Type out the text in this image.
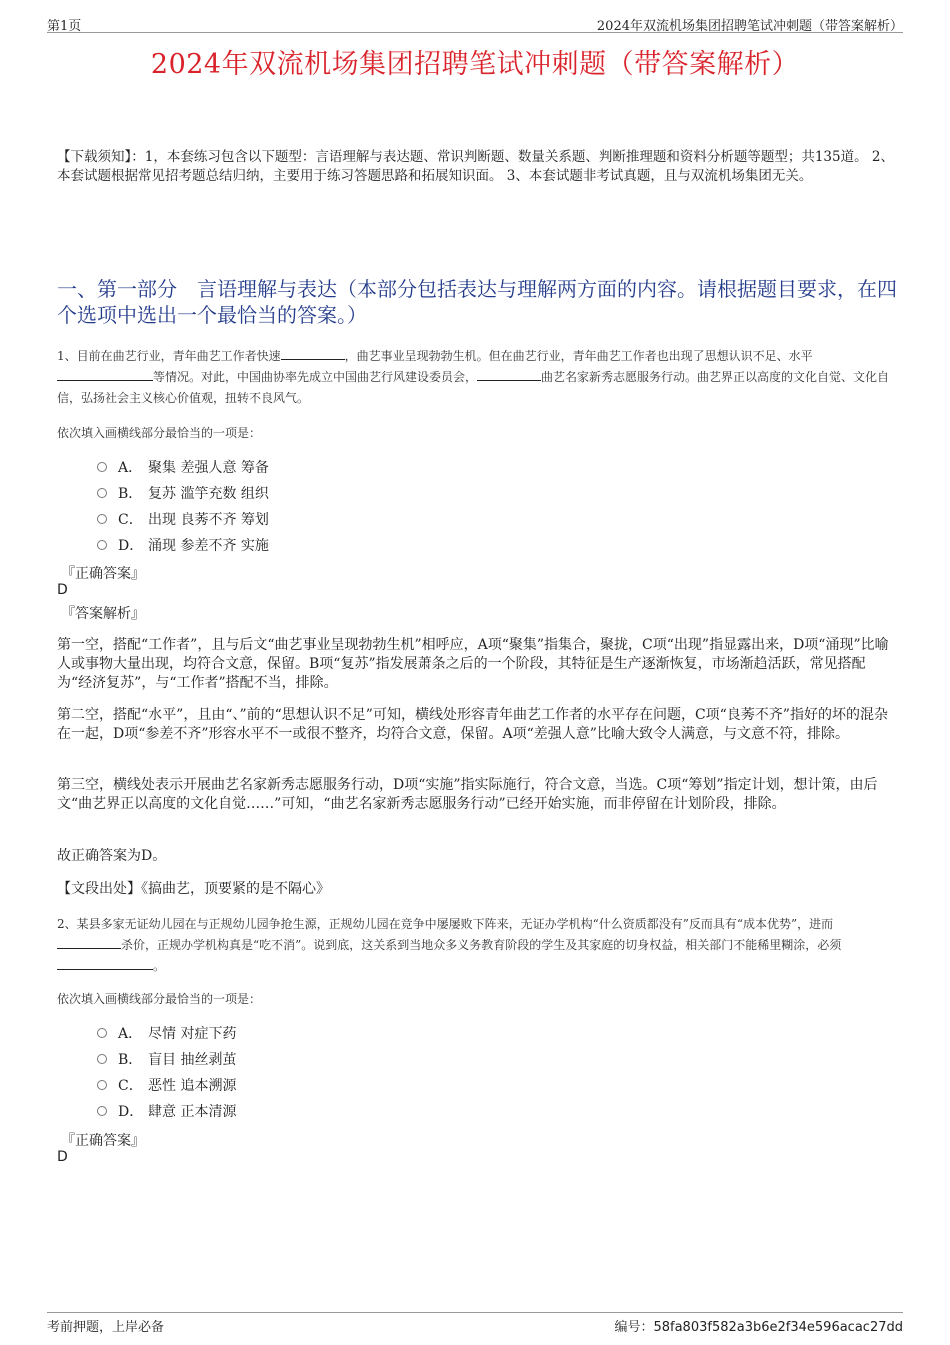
第1页	2024年双流机场集团招聘笔试冲刺题（带答案解析）
2024年双流机场集团招聘笔试冲刺题（带答案解析）
【下载须知】：1，本套练习包含以下题型：言语理解与表达题、常识判断题、数量关系题、判断推理题和资料分析题等题型；共135道。 2、本套试题根据常见招考题总结归纳，主要用于练习答题思路和拓展知识面。 3、本套试题非考试真题，且与双流机场集团无关。
一、第一部分　言语理解与表达（本部分包括表达与理解两方面的内容。请根据题目要求，在四个选项中选出一个最恰当的答案。）
1、目前在曲艺行业，青年曲艺工作者快速	，曲艺事业呈现勃勃生机。但在曲艺行业，青年曲艺工作者也出现了思想认识不足、水平等情况。对此，中国曲协率先成立中国曲艺行风建设委员会，	曲艺名家新秀志愿服务行动。曲艺界正以高度的文化自觉、文化自信，弘扬社会主义核心价值观，扭转不良风气。
依次填入画横线部分最恰当的一项是：
A． 聚集 差强人意 筹备
B． 复苏 滥竽充数 组织
C． 出现 良莠不齐 筹划
D． 涌现 参差不齐 实施
『正确答案』
D
『答案解析』
第一空，搭配“工作者”，且与后文“曲艺事业呈现勃勃生机”相呼应，A项“聚集”指集合，聚拢，C项“出现”指显露出来，D项“涌现”比喻人或事物大量出现，均符合文意，保留。B项“复苏”指发展萧条之后的一个阶段，其特征是生产逐渐恢复，市场渐趋活跃，常见搭配为“经济复苏”，与“工作者”搭配不当，排除。
第二空，搭配“水平”，且由“、”前的“思想认识不足”可知，横线处形容青年曲艺工作者的水平存在问题，C项“良莠不齐”指好的坏的混杂在一起，D项“参差不齐”形容水平不一或很不整齐，均符合文意，保留。A项“差强人意”比喻大致令人满意，与文意不符，排除。
第三空，横线处表示开展曲艺名家新秀志愿服务行动，D项“实施”指实际施行，符合文意，当选。C项“筹划”指定计划，想计策，由后文“曲艺界正以高度的文化自觉……”可知，“曲艺名家新秀志愿服务行动”已经开始实施，而非停留在计划阶段，排除。
故正确答案为D。
【文段出处】《搞曲艺，顶要紧的是不隔心》
2、某县多家无证幼儿园在与正规幼儿园争抢生源，正规幼儿园在竞争中屡屡败下阵来，无证办学机构“什么资质都没有”反而具有“成本优势”，进而杀价，正规办学机构真是“吃不消”。说到底，这关系到当地众多义务教育阶段的学生及其家庭的切身权益，相关部门不能稀里糊涂，必须。
依次填入画横线部分最恰当的一项是：
A． 尽情 对症下药
B． 盲目 抽丝剥茧
C． 恶性 追本溯源
D． 肆意 正本清源
『正确答案』
D
考前押题，上岸必备	编号：58fa803f582a3b6e2f34e596acac27dd
